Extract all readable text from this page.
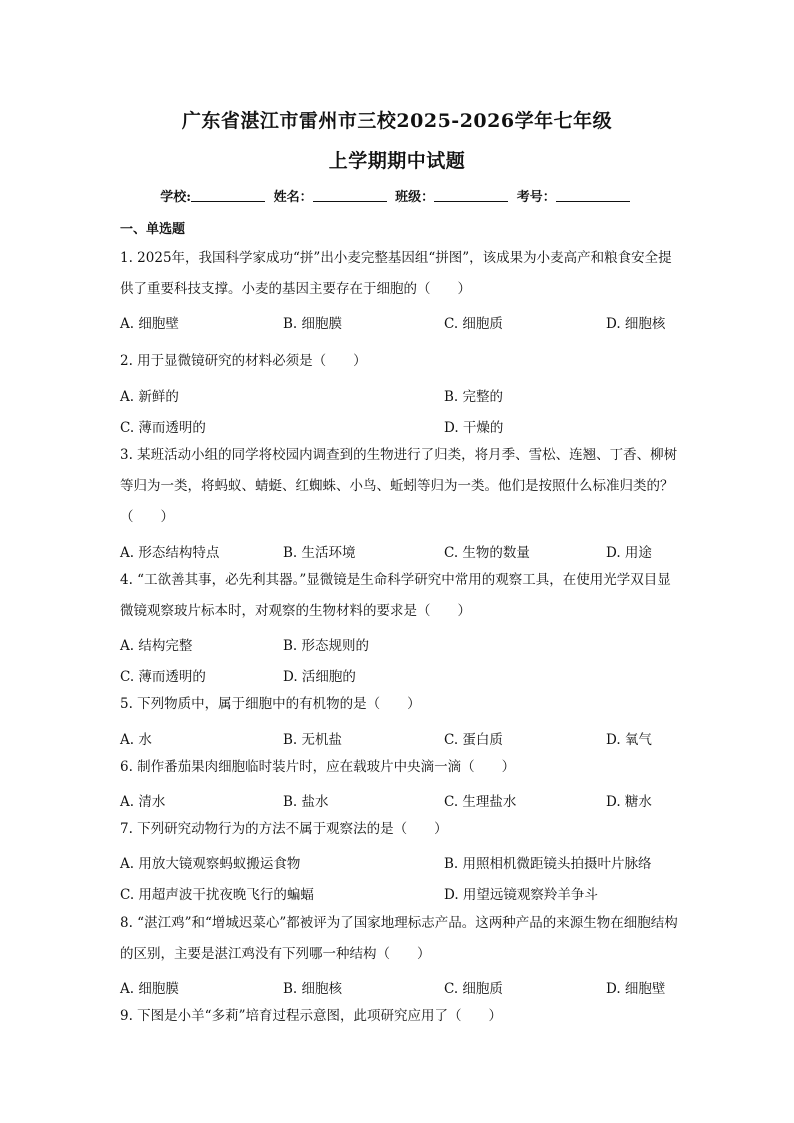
广东省湛江市雷州市三校2025-2026学年七年级
上学期期中试题
学校:	姓名：	班级：	考号：
一、单选题
1. 2025年，我国科学家成功“拼”出小麦完整基因组“拼图”，该成果为小麦高产和粮食安全提供了重要科技支撑。小麦的基因主要存在于细胞的（　　）
A. 细胞壁	B. 细胞膜	C. 细胞质	D. 细胞核
2. 用于显微镜研究的材料必须是（　　）
A. 新鲜的	B. 完整的
C. 薄而透明的	D. 干燥的
3. 某班活动小组的同学将校园内调查到的生物进行了归类，将月季、雪松、连翘、丁香、柳树等归为一类，将蚂蚁、蜻蜓、红蜘蛛、小鸟、蚯蚓等归为一类。他们是按照什么标准归类的？（　　）
A. 形态结构特点	B. 生活环境	C. 生物的数量	D. 用途
4. “工欲善其事，必先利其器。”显微镜是生命科学研究中常用的观察工具，在使用光学双目显微镜观察玻片标本时，对观察的生物材料的要求是（　　）
A. 结构完整	B. 形态规则的
C. 薄而透明的	D. 活细胞的
5. 下列物质中，属于细胞中的有机物的是（　　）
A. 水	B. 无机盐	C. 蛋白质	D. 氧气
6. 制作番茄果肉细胞临时装片时，应在载玻片中央滴一滴（　　）
A. 清水	B. 盐水	C. 生理盐水	D. 糖水
7. 下列研究动物行为的方法不属于观察法的是（　　）
A. 用放大镜观察蚂蚁搬运食物	B. 用照相机微距镜头拍摄叶片脉络
C. 用超声波干扰夜晚飞行的蝙蝠	D. 用望远镜观察羚羊争斗
8. “湛江鸡”和“增城迟菜心”都被评为了国家地理标志产品。这两种产品的来源生物在细胞结构的区别，主要是湛江鸡没有下列哪一种结构（　　）
A. 细胞膜	B. 细胞核	C. 细胞质	D. 细胞壁
9. 下图是小羊“多莉”培育过程示意图，此项研究应用了（　　）
